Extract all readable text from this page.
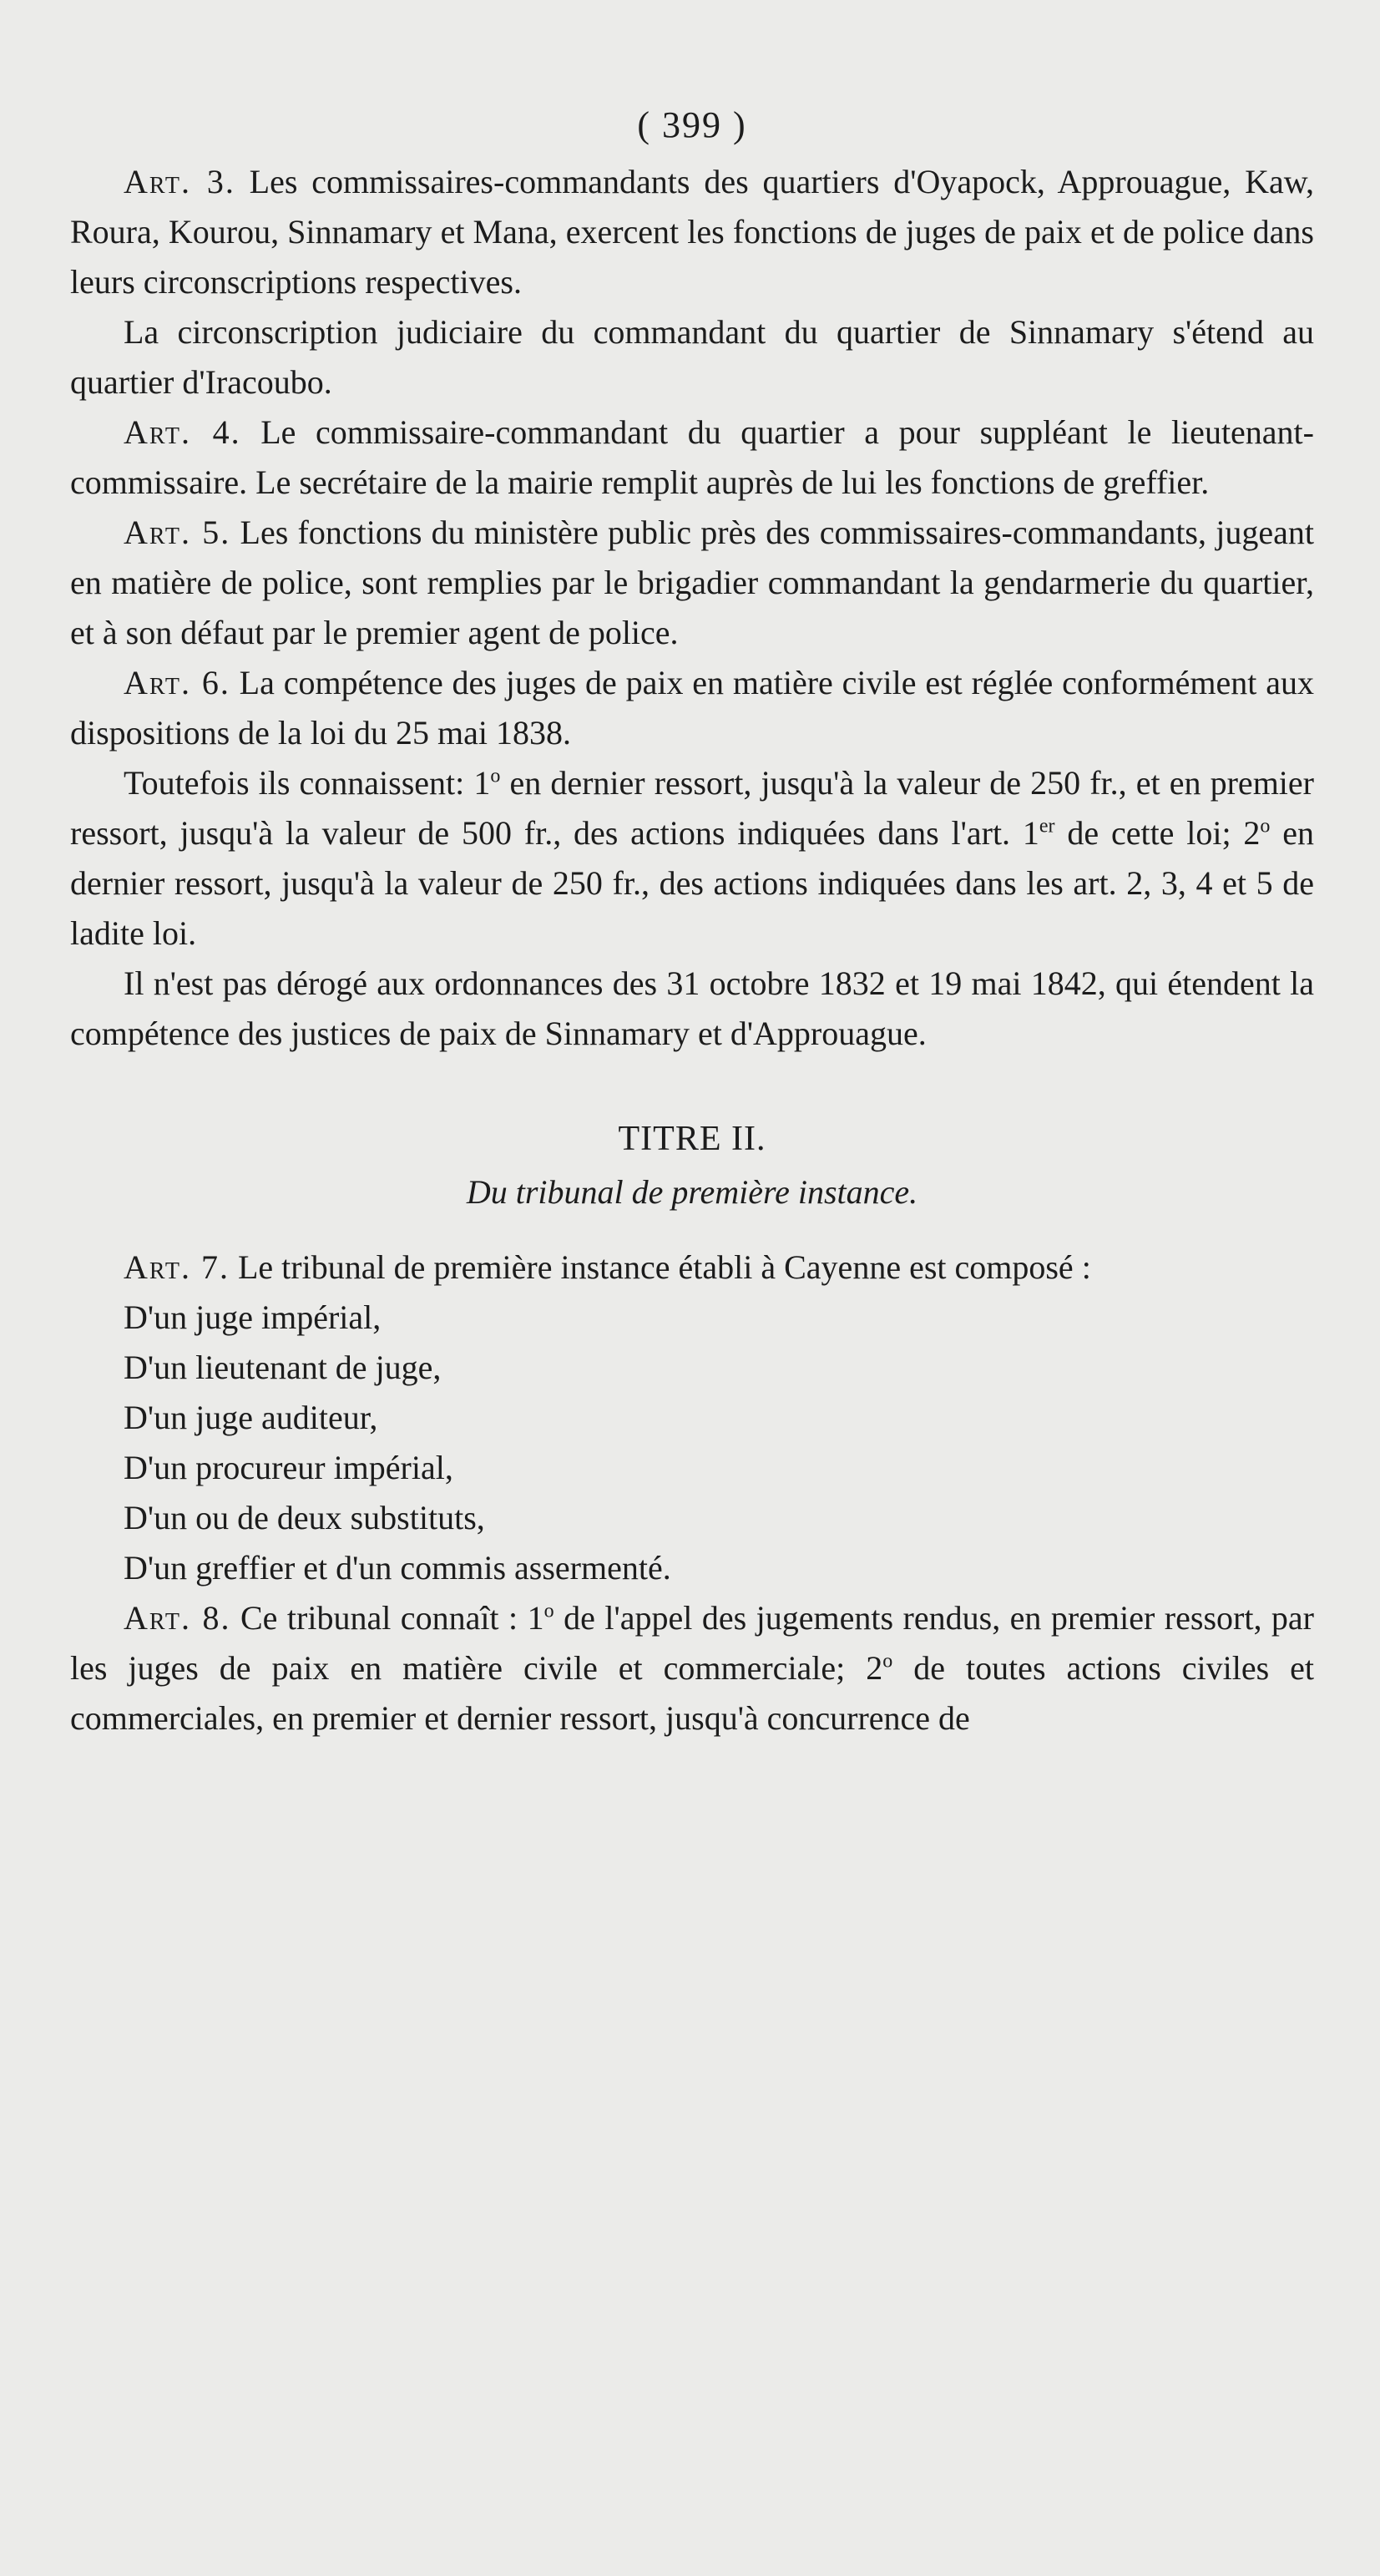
( 399 )

Art. 3. Les commissaires-commandants des quartiers d'Oyapock, Approuague, Kaw, Roura, Kourou, Sinnamary et Mana, exercent les fonctions de juges de paix et de police dans leurs circonscriptions respectives.

La circonscription judiciaire du commandant du quartier de Sinnamary s'étend au quartier d'Iracoubo.

Art. 4. Le commissaire-commandant du quartier a pour suppléant le lieutenant-commissaire. Le secrétaire de la mairie remplit auprès de lui les fonctions de greffier.

Art. 5. Les fonctions du ministère public près des commissaires-commandants, jugeant en matière de police, sont remplies par le brigadier commandant la gendarmerie du quartier, et à son défaut par le premier agent de police.

Art. 6. La compétence des juges de paix en matière civile est réglée conformément aux dispositions de la loi du 25 mai 1838.

Toutefois ils connaissent: 1$^o$ en dernier ressort, jusqu'à la valeur de 250 fr., et en premier ressort, jusqu'à la valeur de 500 fr., des actions indiquées dans l'art. 1er de cette loi; 2$^o$ en dernier ressort, jusqu'à la valeur de 250 fr., des actions indiquées dans les art. 2, 3, 4 et 5 de ladite loi.

Il n'est pas dérogé aux ordonnances des 31 octobre 1832 et 19 mai 1842, qui étendent la compétence des justices de paix de Sinnamary et d'Approuague.

TITRE II.
Du tribunal de première instance.

Art. 7. Le tribunal de première instance établi à Cayenne est composé :

D'un juge impérial,

D'un lieutenant de juge,

D'un juge auditeur,

D'un procureur impérial,

D'un ou de deux substituts,

D'un greffier et d'un commis assermenté.

Art. 8. Ce tribunal connaît : 1$^o$ de l'appel des jugements rendus, en premier ressort, par les juges de paix en matière civile et commerciale; 2$^o$ de toutes actions civiles et commerciales, en premier et dernier ressort, jusqu'à concurrence de
